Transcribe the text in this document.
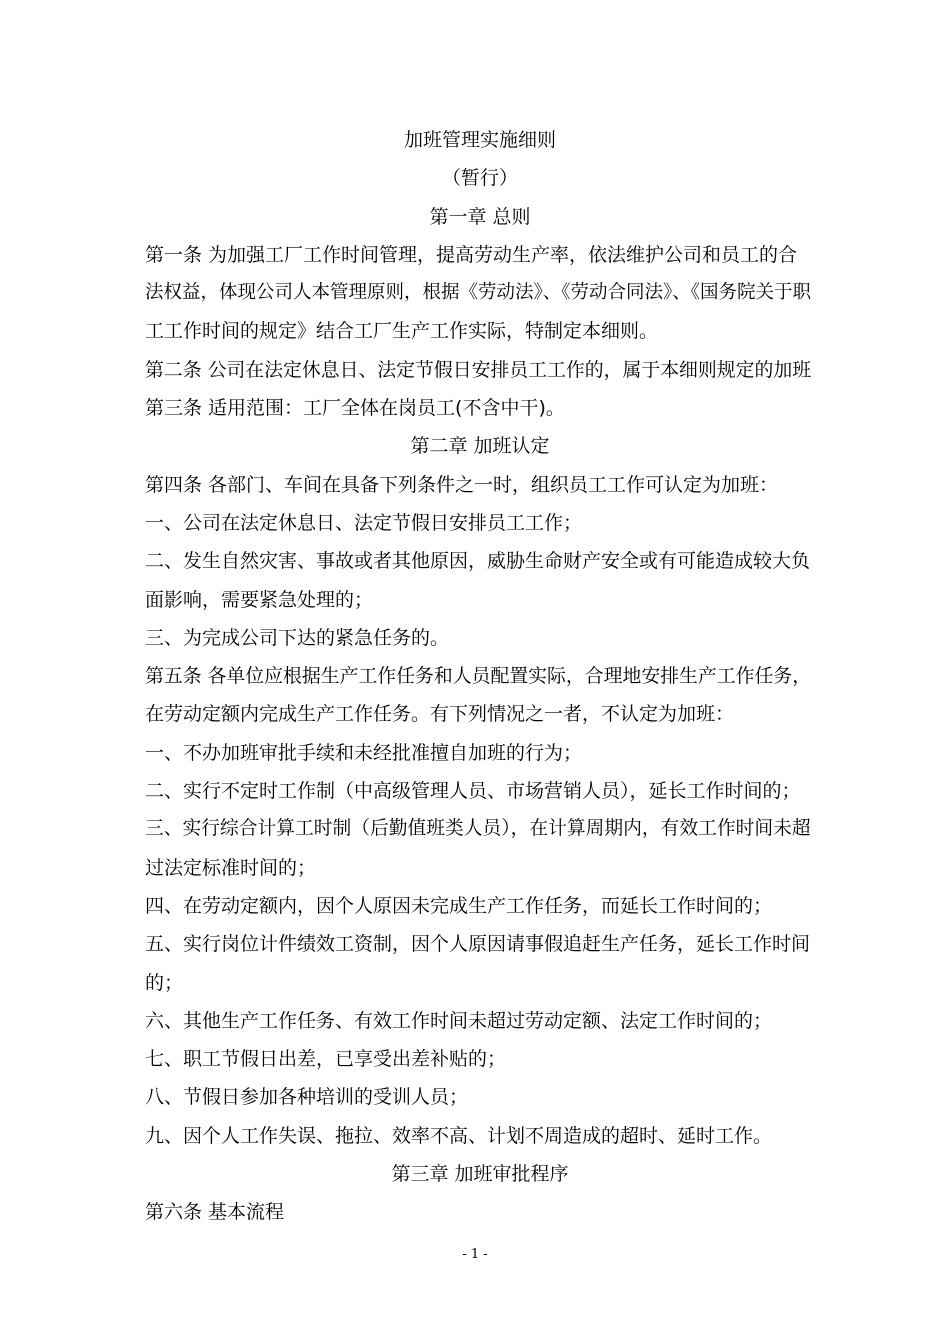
加班管理实施细则
（暂行）
第一章 总则
第一条 为加强工厂工作时间管理，提高劳动生产率，依法维护公司和员工的合
法权益，体现公司人本管理原则，根据《劳动法》、《劳动合同法》、《国务院关于职
工工作时间的规定》结合工厂生产工作实际，特制定本细则。
第二条 公司在法定休息日、法定节假日安排员工工作的，属于本细则规定的加班
第三条 适用范围：工厂全体在岗员工(不含中干)。
第二章 加班认定
第四条 各部门、车间在具备下列条件之一时，组织员工工作可认定为加班：
一、公司在法定休息日、法定节假日安排员工工作；
二、发生自然灾害、事故或者其他原因，威胁生命财产安全或有可能造成较大负
面影响，需要紧急处理的；
三、为完成公司下达的紧急任务的。
第五条 各单位应根据生产工作任务和人员配置实际，合理地安排生产工作任务，
在劳动定额内完成生产工作任务。有下列情况之一者，不认定为加班：
一、不办加班审批手续和未经批准擅自加班的行为；
二、实行不定时工作制（中高级管理人员、市场营销人员），延长工作时间的；
三、实行综合计算工时制（后勤值班类人员），在计算周期内，有效工作时间未超
过法定标准时间的；
四、在劳动定额内，因个人原因未完成生产工作任务，而延长工作时间的；
五、实行岗位计件绩效工资制，因个人原因请事假追赶生产任务，延长工作时间
的；
六、其他生产工作任务、有效工作时间未超过劳动定额、法定工作时间的；
七、职工节假日出差，已享受出差补贴的；
八、节假日参加各种培训的受训人员；
九、因个人工作失误、拖拉、效率不高、计划不周造成的超时、延时工作。
第三章 加班审批程序
第六条 基本流程
- 1 -
